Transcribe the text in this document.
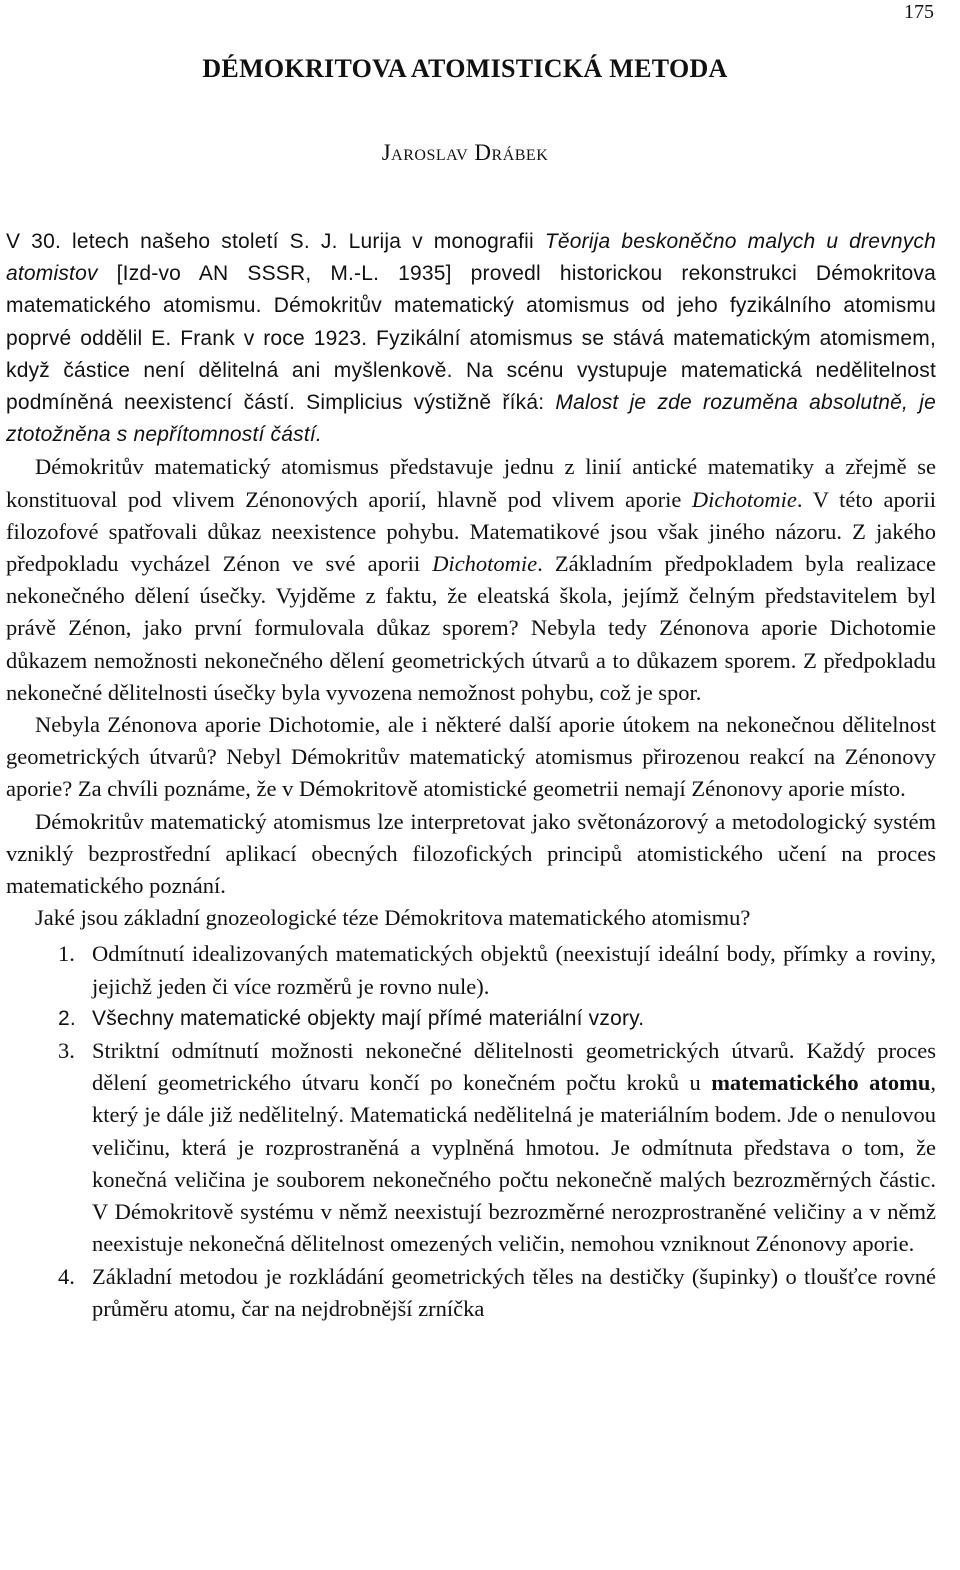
175
DÉMOKRITOVA ATOMISTICKÁ METODA
Jaroslav Drábek

V 30. letech našeho století S. J. Lurija v monografii Těorija beskoněčno malych u drevnych atomistov [Izd-vo AN SSSR, M.-L. 1935] provedl historickou rekonstrukci Démokritova matematického atomismu. Démokritův matematický atomismus od jeho fyzikálního atomismu poprvé oddělil E. Frank v roce 1923. Fyzikální atomismus se stává matematickým atomismem, když částice není dělitelná ani myšlenkově. Na scénu vystupuje matematická nedělitelnost podmíněná neexistencí částí. Simplicius výstižně říká: Malost je zde rozuměna absolutně, je ztotožněna s nepřítomností částí.

Démokritův matematický atomismus představuje jednu z linií antické matematiky a zřejmě se konstituoval pod vlivem Zénonových aporií, hlavně pod vlivem aporie Dichotomie. V této aporii filozofové spatřovali důkaz neexistence pohybu. Matematikové jsou však jiného názoru. Z jakého předpokladu vycházel Zénon ve své aporii Dichotomie. Základním předpokladem byla realizace nekonečného dělení úsečky. Vyjděme z faktu, že eleatská škola, jejímž čelným představitelem byl právě Zénon, jako první formulovala důkaz sporem? Nebyla tedy Zénonova aporie Dichotomie důkazem nemožnosti nekonečného dělení geometrických útvarů a to důkazem sporem. Z předpokladu nekonečné dělitelnosti úsečky byla vyvozena nemožnost pohybu, což je spor.

Nebyla Zénonova aporie Dichotomie, ale i některé další aporie útokem na nekonečnou dělitelnost geometrických útvarů? Nebyl Démokritův matematický atomismus přirozenou reakcí na Zénonovy aporie? Za chvíli poznáme, že v Démokritově atomistické geometrii nemají Zénonovy aporie místo.

Démokritův matematický atomismus lze interpretovat jako světonázorový a metodologický systém vzniklý bezprostřední aplikací obecných filozofických principů atomistického učení na proces matematického poznání.

Jaké jsou základní gnozeologické téze Démokritova matematického atomismu?

1. Odmítnutí idealizovaných matematických objektů (neexistují ideální body, přímky a roviny, jejichž jeden či více rozměrů je rovno nule).
2. Všechny matematické objekty mají přímé materiální vzory.
3. Striktní odmítnutí možnosti nekonečné dělitelnosti geometrických útvarů. Každý proces dělení geometrického útvaru končí po konečném počtu kroků u matematického atomu, který je dále již nedělitelný. Matematická nedělitelná je materiálním bodem. Jde o nenulovou veličinu, která je rozprostraněná a vyplněná hmotou. Je odmítnuta představa o tom, že konečná veličina je souborem nekonečného počtu nekonečně malých bezrozměrných částic. V Démokritově systému v němž neexistují bezrozměrné nerozprostraněné veličiny a v němž neexistuje nekonečná dělitelnost omezených veličin, nemohou vzniknout Zénonovy aporie.
4. Základní metodou je rozkládání geometrických těles na destičky (šupinky) o tloušťce rovné průměru atomu, čar na nejdrobnější zrníčka
